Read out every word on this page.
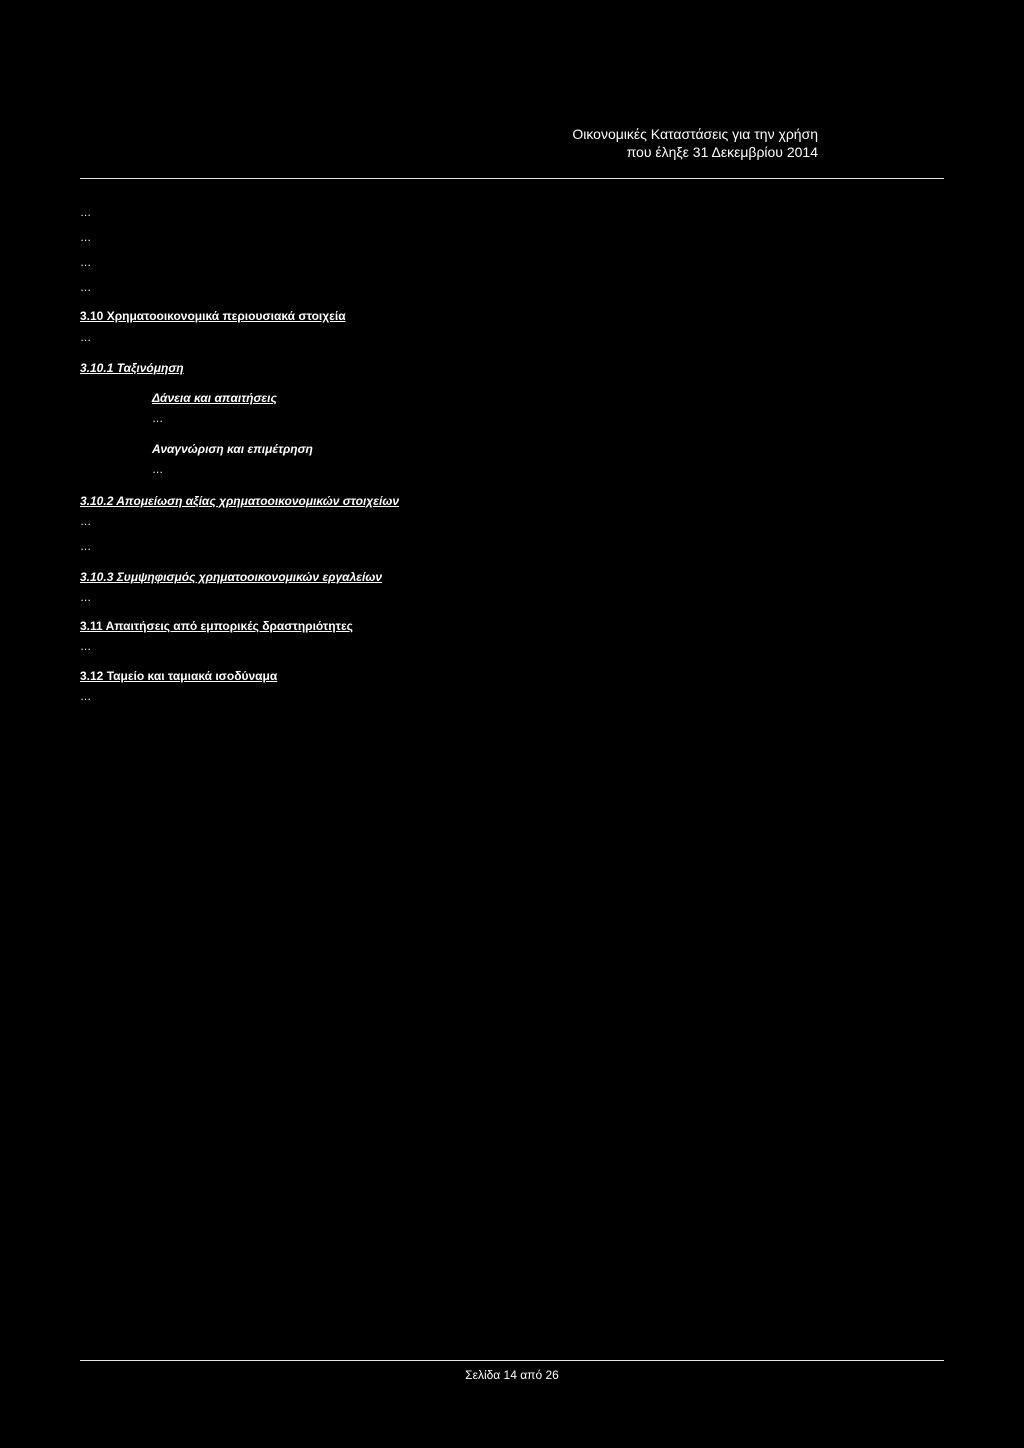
Οικονομικές Καταστάσεις για την χρήση
που έληξε 31 Δεκεμβρίου 2014

…

…

…

…

3.10 Χρηματοοικονομικά περιουσιακά στοιχεία

…

3.10.1 Ταξινόμηση
Δάνεια και απαιτήσεις

…

Αναγνώριση και επιμέτρηση

…

3.10.2 Απομείωση αξίας χρηματοοικονομικών στοιχείων

…

…

3.10.3 Συμψηφισμός χρηματοοικονομικών εργαλείων

…

3.11 Απαιτήσεις από εμπορικές δραστηριότητες

…

3.12 Ταμείο και ταμιακά ισοδύναμα

…

Σελίδα 14 από 26
